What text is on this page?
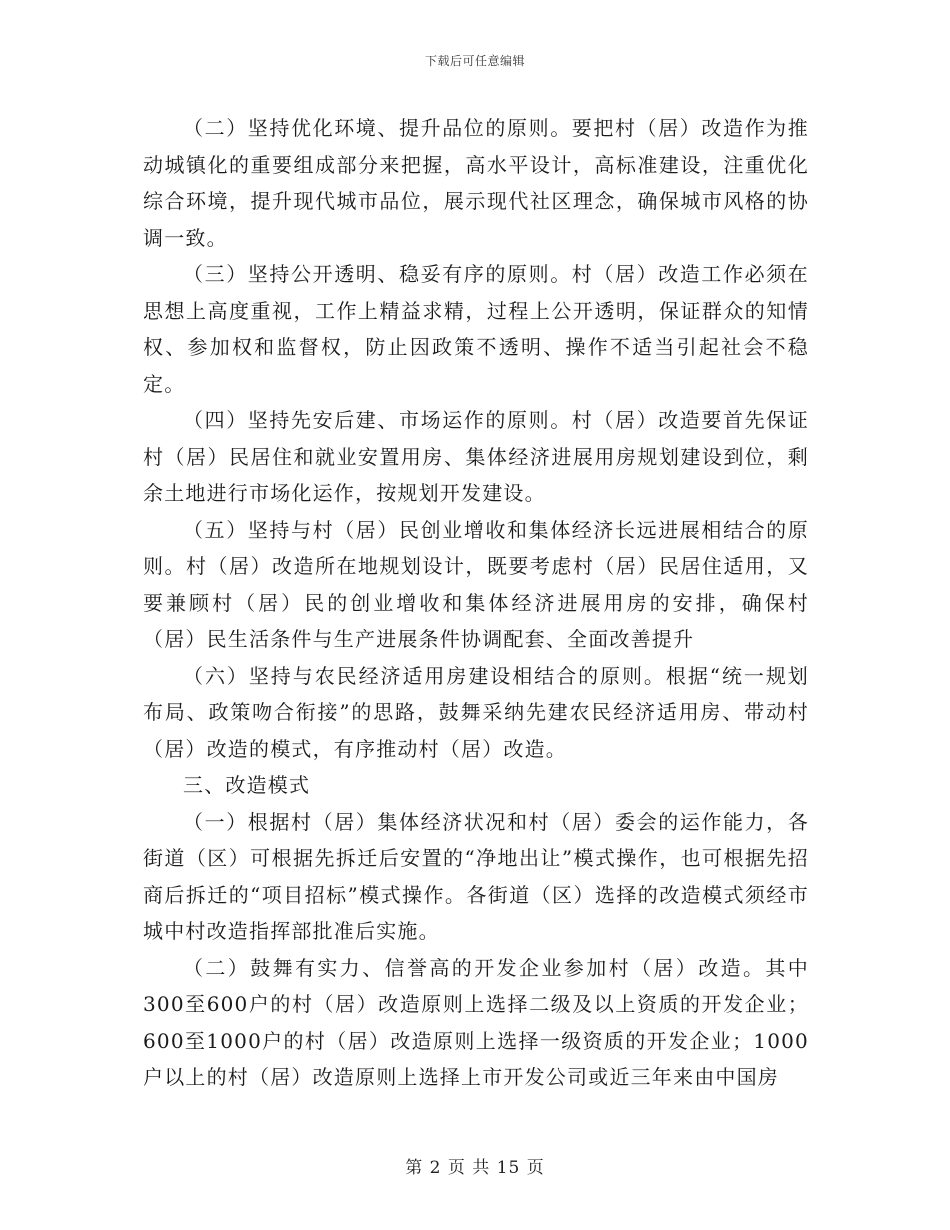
下载后可任意编辑

（二）坚持优化环境、提升品位的原则。要把村（居）改造作为推动城镇化的重要组成部分来把握，高水平设计，高标准建设，注重优化综合环境，提升现代城市品位，展示现代社区理念，确保城市风格的协调一致。

（三）坚持公开透明、稳妥有序的原则。村（居）改造工作必须在思想上高度重视，工作上精益求精，过程上公开透明，保证群众的知情权、参加权和监督权，防止因政策不透明、操作不适当引起社会不稳定。

（四）坚持先安后建、市场运作的原则。村（居）改造要首先保证村（居）民居住和就业安置用房、集体经济进展用房规划建设到位，剩余土地进行市场化运作，按规划开发建设。

（五）坚持与村（居）民创业增收和集体经济长远进展相结合的原则。村（居）改造所在地规划设计，既要考虑村（居）民居住适用，又要兼顾村（居）民的创业增收和集体经济进展用房的安排，确保村（居）民生活条件与生产进展条件协调配套、全面改善提升

（六）坚持与农民经济适用房建设相结合的原则。根据“统一规划布局、政策吻合衔接”的思路，鼓舞采纳先建农民经济适用房、带动村（居）改造的模式，有序推动村（居）改造。

三、改造模式

（一）根据村（居）集体经济状况和村（居）委会的运作能力，各街道（区）可根据先拆迁后安置的“净地出让”模式操作，也可根据先招商后拆迁的“项目招标”模式操作。各街道（区）选择的改造模式须经市城中村改造指挥部批准后实施。

（二）鼓舞有实力、信誉高的开发企业参加村（居）改造。其中300至600户的村（居）改造原则上选择二级及以上资质的开发企业；600至1000户的村（居）改造原则上选择一级资质的开发企业；1000户以上的村（居）改造原则上选择上市开发公司或近三年来由中国房

第 2 页 共 15 页
